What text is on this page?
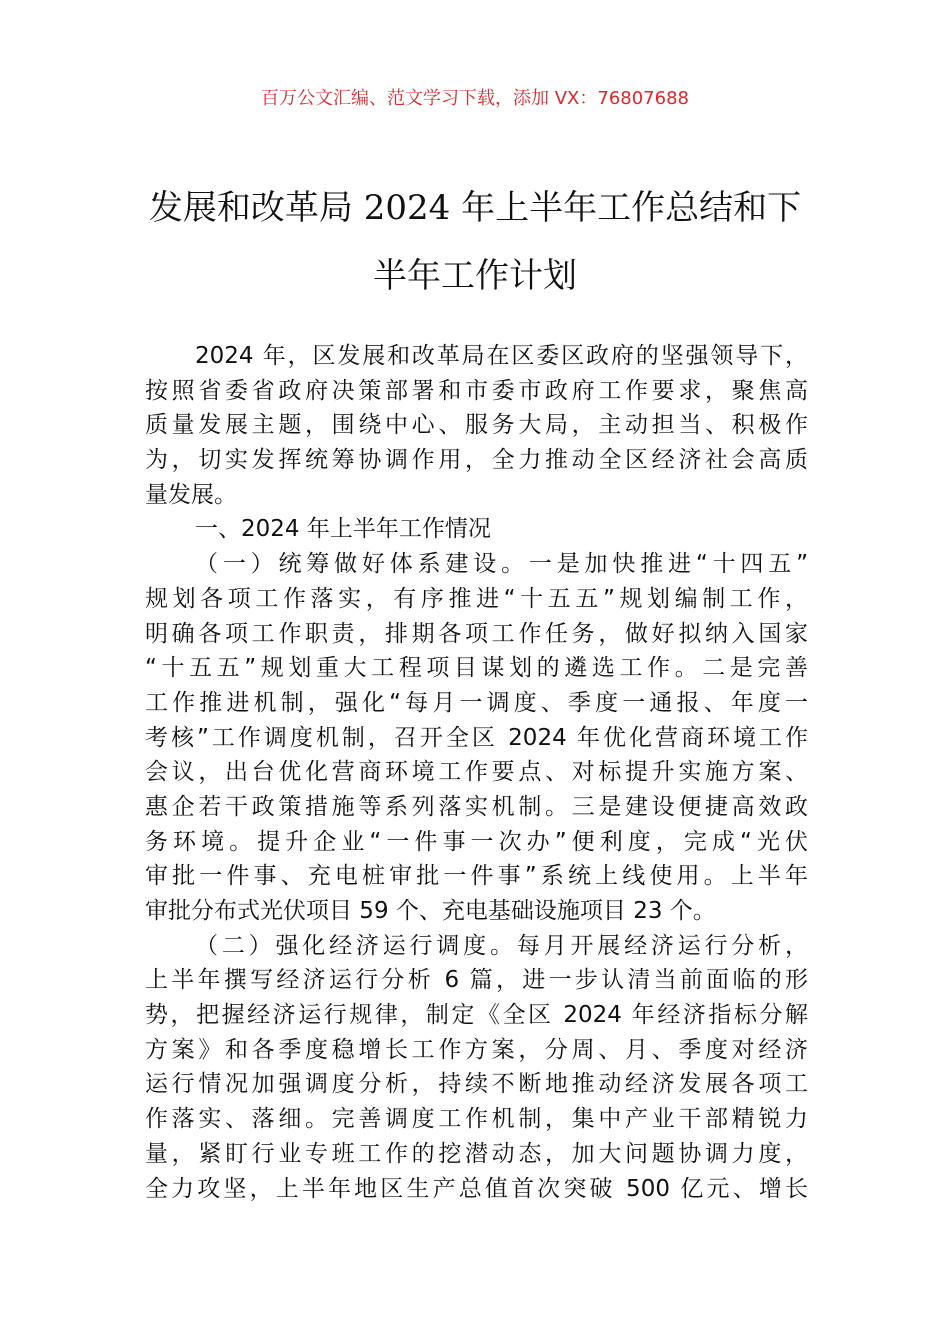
百万公文汇编、范文学习下载，添加 VX：76807688
发展和改革局 2024 年上半年工作总结和下
半年工作计划
2024 年，区发展和改革局在区委区政府的坚强领导下，
按照省委省政府决策部署和市委市政府工作要求，聚焦高
质量发展主题，围绕中心、服务大局，主动担当、积极作
为，切实发挥统筹协调作用，全力推动全区经济社会高质
量发展。
一、2024 年上半年工作情况
（一）统筹做好体系建设。一是加快推进“十四五”
规划各项工作落实，有序推进“十五五”规划编制工作，
明确各项工作职责，排期各项工作任务，做好拟纳入国家
“十五五”规划重大工程项目谋划的遴选工作。二是完善
工作推进机制，强化“每月一调度、季度一通报、年度一
考核”工作调度机制，召开全区 2024 年优化营商环境工作
会议，出台优化营商环境工作要点、对标提升实施方案、
惠企若干政策措施等系列落实机制。三是建设便捷高效政
务环境。提升企业“一件事一次办”便利度，完成“光伏
审批一件事、充电桩审批一件事”系统上线使用。上半年
审批分布式光伏项目 59 个、充电基础设施项目 23 个。
（二）强化经济运行调度。每月开展经济运行分析，
上半年撰写经济运行分析 6 篇，进一步认清当前面临的形
势，把握经济运行规律，制定《全区 2024 年经济指标分解
方案》和各季度稳增长工作方案，分周、月、季度对经济
运行情况加强调度分析，持续不断地推动经济发展各项工
作落实、落细。完善调度工作机制，集中产业干部精锐力
量，紧盯行业专班工作的挖潜动态，加大问题协调力度，
全力攻坚，上半年地区生产总值首次突破 500 亿元、增长
